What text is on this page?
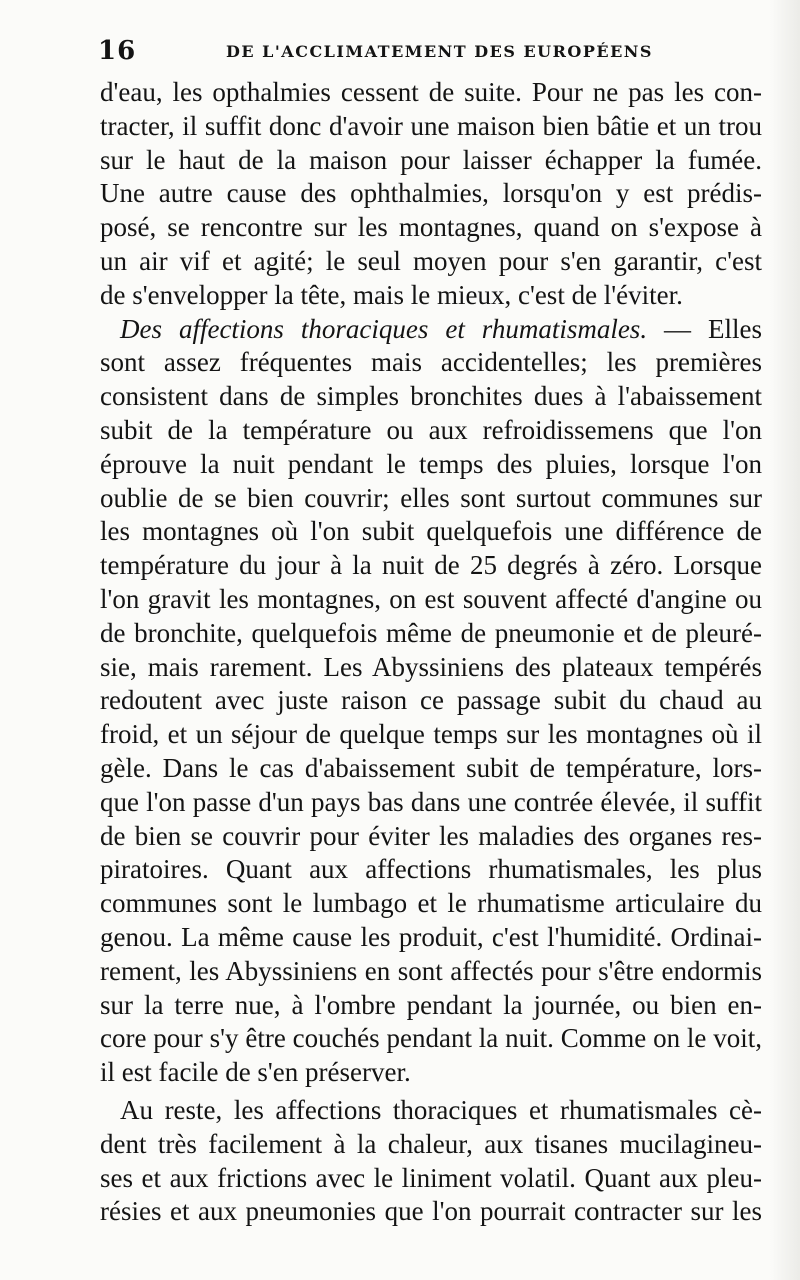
16	DE L'ACCLIMATEMENT DES EUROPÉENS
d'eau, les opthalmies cessent de suite. Pour ne pas les con-
tracter, il suffit donc d'avoir une maison bien bâtie et un trou
sur le haut de la maison pour laisser échapper la fumée.
Une autre cause des ophthalmies, lorsqu'on y est prédis-
posé, se rencontre sur les montagnes, quand on s'expose à
un air vif et agité; le seul moyen pour s'en garantir, c'est
de s'envelopper la tête, mais le mieux, c'est de l'éviter.
Des affections thoraciques et rhumatismales. — Elles
sont assez fréquentes mais accidentelles; les premières
consistent dans de simples bronchites dues à l'abaissement
subit de la température ou aux refroidissemens que l'on
éprouve la nuit pendant le temps des pluies, lorsque l'on
oublie de se bien couvrir; elles sont surtout communes sur
les montagnes où l'on subit quelquefois une différence de
température du jour à la nuit de 25 degrés à zéro. Lorsque
l'on gravit les montagnes, on est souvent affecté d'angine ou
de bronchite, quelquefois même de pneumonie et de pleuré-
sie, mais rarement. Les Abyssiniens des plateaux tempérés
redoutent avec juste raison ce passage subit du chaud au
froid, et un séjour de quelque temps sur les montagnes où il
gèle. Dans le cas d'abaissement subit de température, lors-
que l'on passe d'un pays bas dans une contrée élevée, il suffit
de bien se couvrir pour éviter les maladies des organes res-
piratoires. Quant aux affections rhumatismales, les plus
communes sont le lumbago et le rhumatisme articulaire du
genou. La même cause les produit, c'est l'humidité. Ordinai-
rement, les Abyssiniens en sont affectés pour s'être endormis
sur la terre nue, à l'ombre pendant la journée, ou bien en-
core pour s'y être couchés pendant la nuit. Comme on le voit,
il est facile de s'en préserver.
Au reste, les affections thoraciques et rhumatismales cè-
dent très facilement à la chaleur, aux tisanes mucilagineu-
ses et aux frictions avec le liniment volatil. Quant aux pleu-
résies et aux pneumonies que l'on pourrait contracter sur les
